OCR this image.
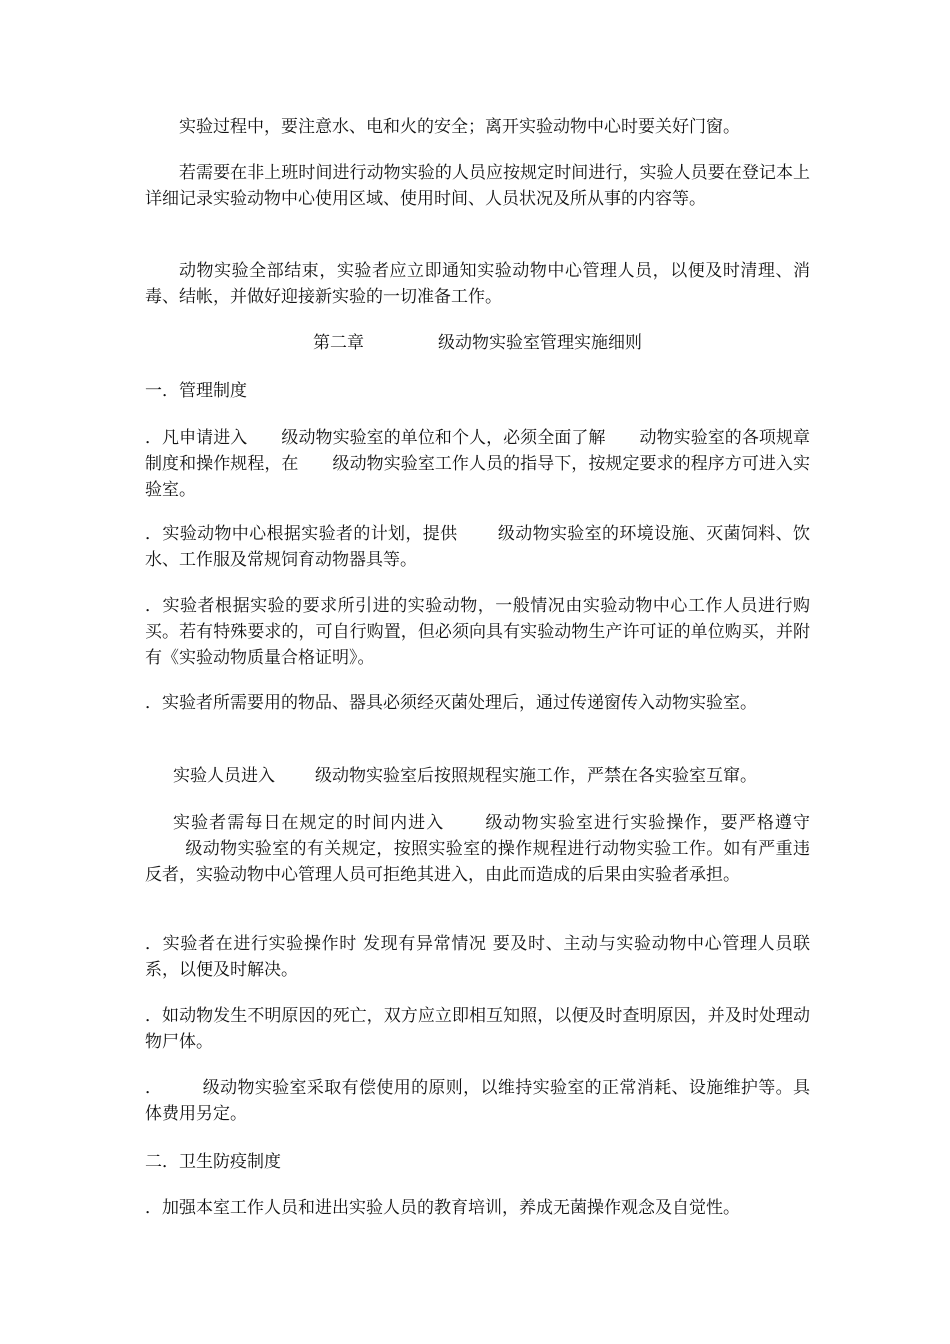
实验过程中，要注意水、电和火的安全；离开实验动物中心时要关好门窗。

若需要在非上班时间进行动物实验的人员应按规定时间进行，实验人员要在登记本上详细记录实验动物中心使用区域、使用时间、人员状况及所从事的内容等。

动物实验全部结束，实验者应立即通知实验动物中心管理人员，以便及时清理、消毒、结帐，并做好迎接新实验的一切准备工作。

第二章	级动物实验室管理实施细则

一．管理制度

．凡申请进入 级动物实验室的单位和个人，必须全面了解 动物实验室的各项规章制度和操作规程，在 级动物实验室工作人员的指导下，按规定要求的程序方可进入实验室。

．实验动物中心根据实验者的计划，提供 级动物实验室的环境设施、灭菌饲料、饮水、工作服及常规饲育动物器具等。

．实验者根据实验的要求所引进的实验动物，一般情况由实验动物中心工作人员进行购买。若有特殊要求的，可自行购置，但必须向具有实验动物生产许可证的单位购买，并附有《实验动物质量合格证明》。

．实验者所需要用的物品、器具必须经灭菌处理后，通过传递窗传入动物实验室。

实验人员进入 级动物实验室后按照规程实施工作，严禁在各实验室互窜。

实验者需每日在规定的时间内进入 级动物实验室进行实验操作，要严格遵守级动物实验室的有关规定，按照实验室的操作规程进行动物实验工作。如有严重违反者，实验动物中心管理人员可拒绝其进入，由此而造成的后果由实验者承担。

．实验者在进行实验操作时 发现有异常情况 要及时、主动与实验动物中心管理人员联系，以便及时解决。

．如动物发生不明原因的死亡，双方应立即相互知照，以便及时查明原因，并及时处理动物尸体。

． 级动物实验室采取有偿使用的原则，以维持实验室的正常消耗、设施维护等。具体费用另定。

二．卫生防疫制度

．加强本室工作人员和进出实验人员的教育培训，养成无菌操作观念及自觉性。
